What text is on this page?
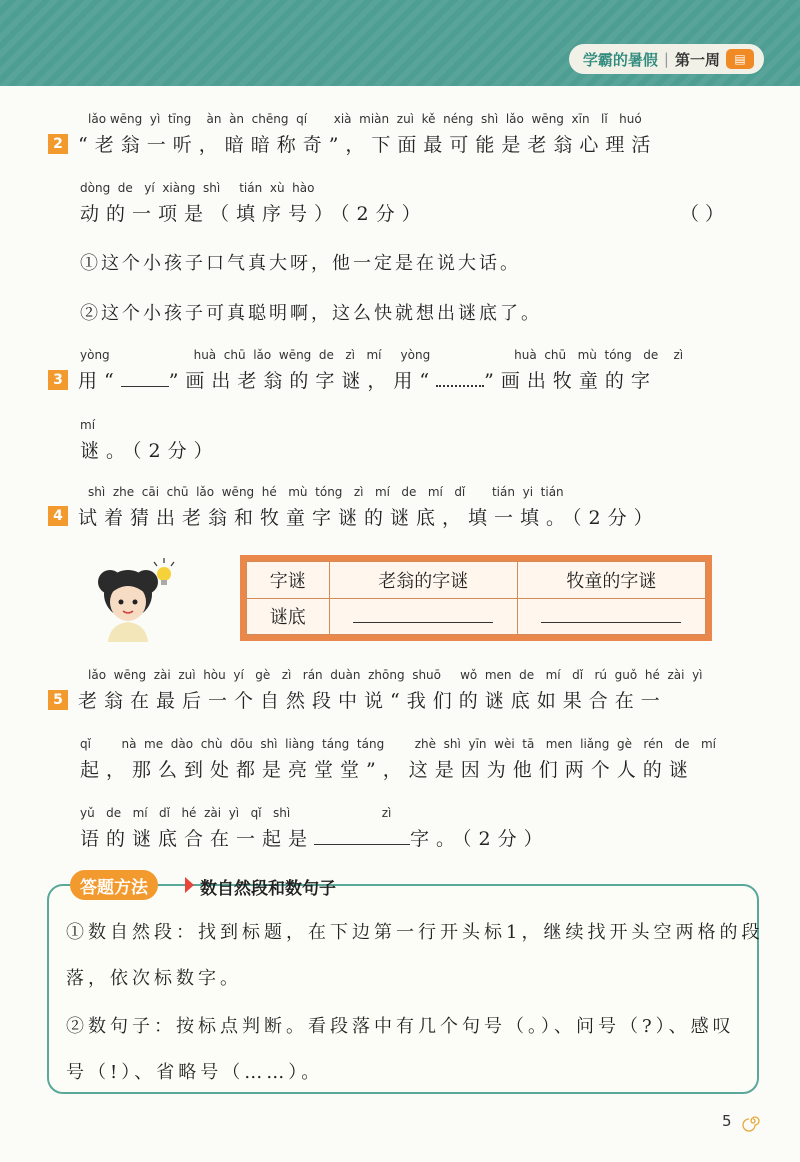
学霸的暑假 | 第一周	▤
lǎo wēng  yì  tīng    àn  àn  chēng  qí       xià  miàn  zuì  kě  néng  shì  lǎo  wēng  xīn   lǐ   huó
2 “老翁一听，暗暗称奇”，下面最可能是老翁心理活
dòng  de   yí  xiàng  shì     tián  xù  hào
动的一项是（填序号）（2分）	（ ）
①这个小孩子口气真大呀，他一定是在说大话。
②这个小孩子可真聪明啊，这么快就想出谜底了。
yòng                      huà  chū  lǎo  wēng  de   zì   mí     yòng                      huà  chū   mù  tóng   de    zì
3 用“	”画出老翁的字谜，用“	”画出牧童的字
mí
谜。（2分）
shì  zhe  cāi  chū  lǎo  wēng  hé   mù  tóng   zì   mí   de   mí   dǐ       tián  yi  tián
4 试着猜出老翁和牧童字谜的谜底，填一填。（2分）
字谜	老翁的字谜	牧童的字谜
谜底		
lǎo  wēng  zài  zuì  hòu  yí   gè   zì   rán  duàn  zhōng  shuō     wǒ  men  de   mí   dǐ   rú  guǒ  hé  zài  yì
5 老翁在最后一个自然段中说“我们的谜底如果合在一
qǐ        nà  me  dào  chù  dōu  shì  liàng  táng  táng        zhè  shì  yīn  wèi  tā   men  liǎng  gè   rén   de   mí
起，那么到处都是亮堂堂”，这是因为他们两个人的谜
yǔ   de   mí   dǐ   hé  zài  yì   qǐ   shì                        zì
语的谜底合在一起是	字。（2分）
答题方法	数自然段和数句子
①数自然段：找到标题，在下边第一行开头标1，继续找开头空两格的段
落，依次标数字。
②数句子：按标点判断。看段落中有几个句号（。）、问号（?）、感叹
号（!）、省略号（……）。
5
